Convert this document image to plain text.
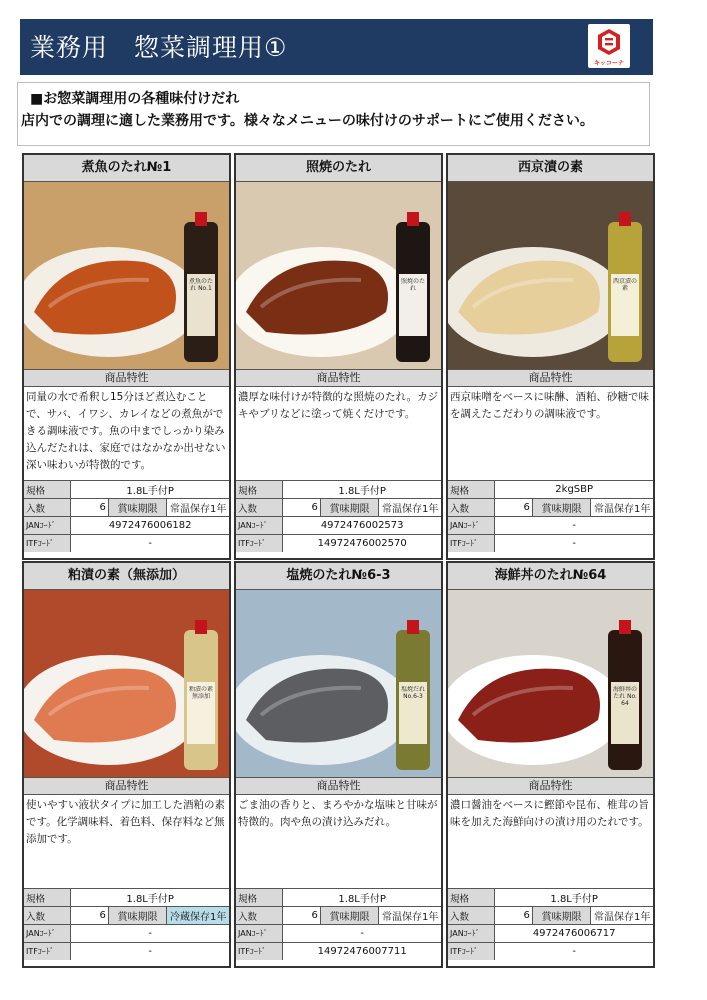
業務用　惣菜調理用①
キッコーナ
■お惣菜調理用の各種味付けだれ
店内での調理に適した業務用です。様々なメニューの味付けのサポートにご使用ください。
煮魚のたれ№1
煮魚のたれ No.1
商品特性
同量の水で希釈し15分ほど煮込むことで、サバ、イワシ、カレイなどの煮魚ができる調味液です。魚の中までしっかり染み込んだたれは、家庭ではなかなか出せない深い味わいが特徴的です。
規格	1.8L手付P		
入数	6	賞味期限	常温保存1年
JANｺｰﾄﾞ	4972476006182		
ITFｺｰﾄﾞ	-		
照焼のたれ
照焼のたれ
商品特性
濃厚な味付けが特徴的な照焼のたれ。カジキやブリなどに塗って焼くだけです。
規格	1.8L手付P		
入数	6	賞味期限	常温保存1年
JANｺｰﾄﾞ	4972476002573		
ITFｺｰﾄﾞ	14972476002570		
西京漬の素
西京漬の素
商品特性
西京味噌をベースに味醂、酒粕、砂糖で味を調えたこだわりの調味液です。
規格	2kgSBP		
入数	6	賞味期限	常温保存1年
JANｺｰﾄﾞ	-		
ITFｺｰﾄﾞ	-		
粕漬の素（無添加）
粕漬の素 無添加
商品特性
使いやすい液状タイプに加工した酒粕の素です。化学調味料、着色料、保存料など無添加です。
規格	1.8L手付P		
入数	6	賞味期限	冷蔵保存1年
JANｺｰﾄﾞ	-		
ITFｺｰﾄﾞ	-		
塩焼のたれ№6-3
塩焼だれ No.6-3
商品特性
ごま油の香りと、まろやかな塩味と甘味が特徴的。肉や魚の漬け込みだれ。
規格	1.8L手付P		
入数	6	賞味期限	常温保存1年
JANｺｰﾄﾞ	-		
ITFｺｰﾄﾞ	14972476007711		
海鮮丼のたれ№64
海鮮丼のたれ No.64
商品特性
濃口醤油をベースに鰹節や昆布、椎茸の旨味を加えた海鮮向けの漬け用のたれです。
規格	1.8L手付P		
入数	6	賞味期限	常温保存1年
JANｺｰﾄﾞ	4972476006717		
ITFｺｰﾄﾞ	-		
